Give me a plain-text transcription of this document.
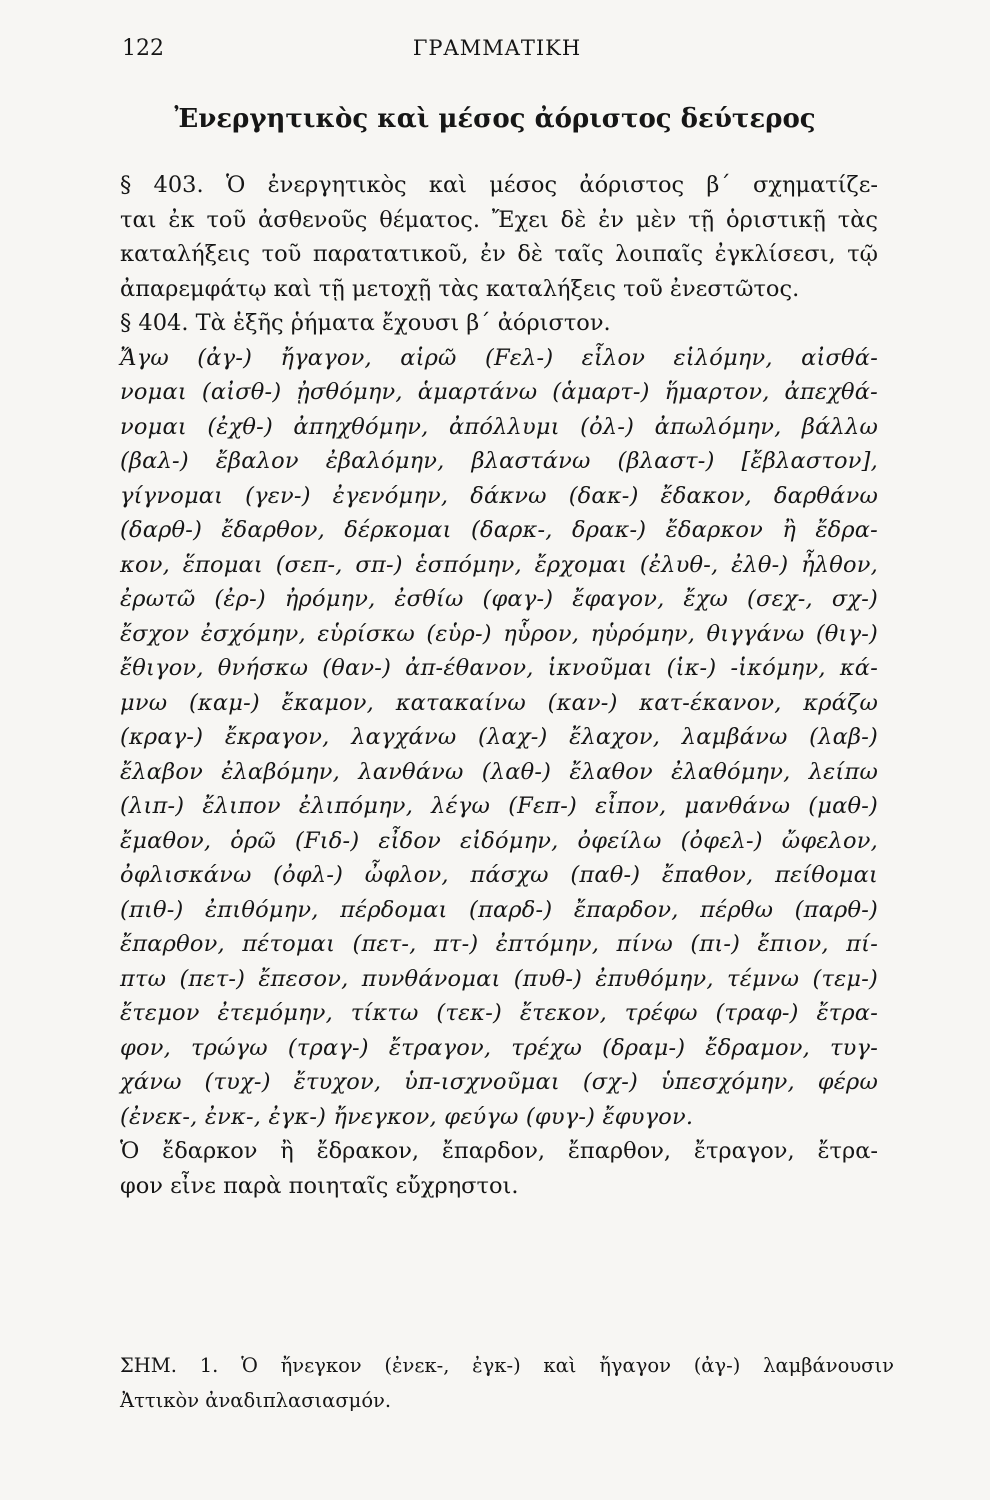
122	ΓΡΑΜΜΑΤΙΚΗ
Ἐνεργητικὸς καὶ μέσος ἀόριστος δεύτερος
§ 403. Ὁ ἐνεργητικὸς καὶ μέσος ἀόριστος β΄ σχηματίζε-
ται ἐκ τοῦ ἀσθενοῦς θέματος. Ἔχει δὲ ἐν μὲν τῇ ὁριστικῇ τὰς
καταλήξεις τοῦ παρατατικοῦ, ἐν δὲ ταῖς λοιπαῖς ἐγκλίσεσι, τῷ
ἀπαρεμφάτῳ καὶ τῇ μετοχῇ τὰς καταλήξεις τοῦ ἐνεστῶτος.
§ 404. Τὰ ἑξῆς ῥήματα ἔχουσι β΄ ἀόριστον.
Ἄγω (ἀγ-) ἤγαγον, αἱρῶ (Fελ-) εἷλον εἱλόμην, αἰσθά-
νομαι (αἰσθ-) ᾐσθόμην, ἁμαρτάνω (ἁμαρτ-) ἥμαρτον, ἀπεχθά-
νομαι (ἐχθ-) ἀπηχθόμην, ἀπόλλυμι (ὀλ-) ἀπωλόμην, βάλλω
(βαλ-) ἔβαλον ἐβαλόμην, βλαστάνω (βλαστ-) [ἔβλαστον],
γίγνομαι (γεν-) ἐγενόμην, δάκνω (δακ-) ἔδακον, δαρθάνω
(δαρθ-) ἔδαρθον, δέρκομαι (δαρκ-, δρακ-) ἔδαρκον ἢ ἔδρα-
κον, ἕπομαι (σεπ-, σπ-) ἑσπόμην, ἔρχομαι (ἐλυθ-, ἐλθ-) ἦλθον,
ἐρωτῶ (ἐρ-) ἠρόμην, ἐσθίω (φαγ-) ἔφαγον, ἔχω (σεχ-, σχ-)
ἔσχον ἐσχόμην, εὑρίσκω (εὑρ-) ηὗρον, ηὑρόμην, θιγγάνω (θιγ-)
ἔθιγον, θνήσκω (θαν-) ἀπ-έθανον, ἱκνοῦμαι (ἱκ-) -ἱκόμην, κά-
μνω (καμ-) ἔκαμον, κατακαίνω (καν-) κατ-έκανον, κράζω
(κραγ-) ἔκραγον, λαγχάνω (λαχ-) ἔλαχον, λαμβάνω (λαβ-)
ἔλαβον ἐλαβόμην, λανθάνω (λαθ-) ἔλαθον ἐλαθόμην, λείπω
(λιπ-) ἔλιπον ἐλιπόμην, λέγω (Fεπ-) εἶπον, μανθάνω (μαθ-)
ἔμαθον, ὁρῶ (Fιδ-) εἶδον εἰδόμην, ὀφείλω (ὀφελ-) ὤφελον,
ὀφλισκάνω (ὀφλ-) ὦφλον, πάσχω (παθ-) ἔπαθον, πείθομαι
(πιθ-) ἐπιθόμην, πέρδομαι (παρδ-) ἔπαρδον, πέρθω (παρθ-)
ἔπαρθον, πέτομαι (πετ-, πτ-) ἐπτόμην, πίνω (πι-) ἔπιον, πί-
πτω (πετ-) ἔπεσον, πυνθάνομαι (πυθ-) ἐπυθόμην, τέμνω (τεμ-)
ἔτεμον ἐτεμόμην, τίκτω (τεκ-) ἔτεκον, τρέφω (τραφ-) ἔτρα-
φον, τρώγω (τραγ-) ἔτραγον, τρέχω (δραμ-) ἔδραμον, τυγ-
χάνω (τυχ-) ἔτυχον, ὑπ-ισχνοῦμαι (σχ-) ὑπεσχόμην, φέρω
(ἐνεκ-, ἐνκ-, ἐγκ-) ἤνεγκον, φεύγω (φυγ-) ἔφυγον.
Ὁ ἔδαρκον ἢ ἔδρακον, ἔπαρδον, ἔπαρθον, ἔτραγον, ἔτρα-
φον εἶνε παρὰ ποιηταῖς εὔχρηστοι.
ΣΗΜ. 1. Ὁ ἤνεγκον (ἐνεκ-, ἐγκ-) καὶ ἤγαγον (ἀγ-) λαμβάνουσιν
Ἀττικὸν ἀναδιπλασιασμόν.
